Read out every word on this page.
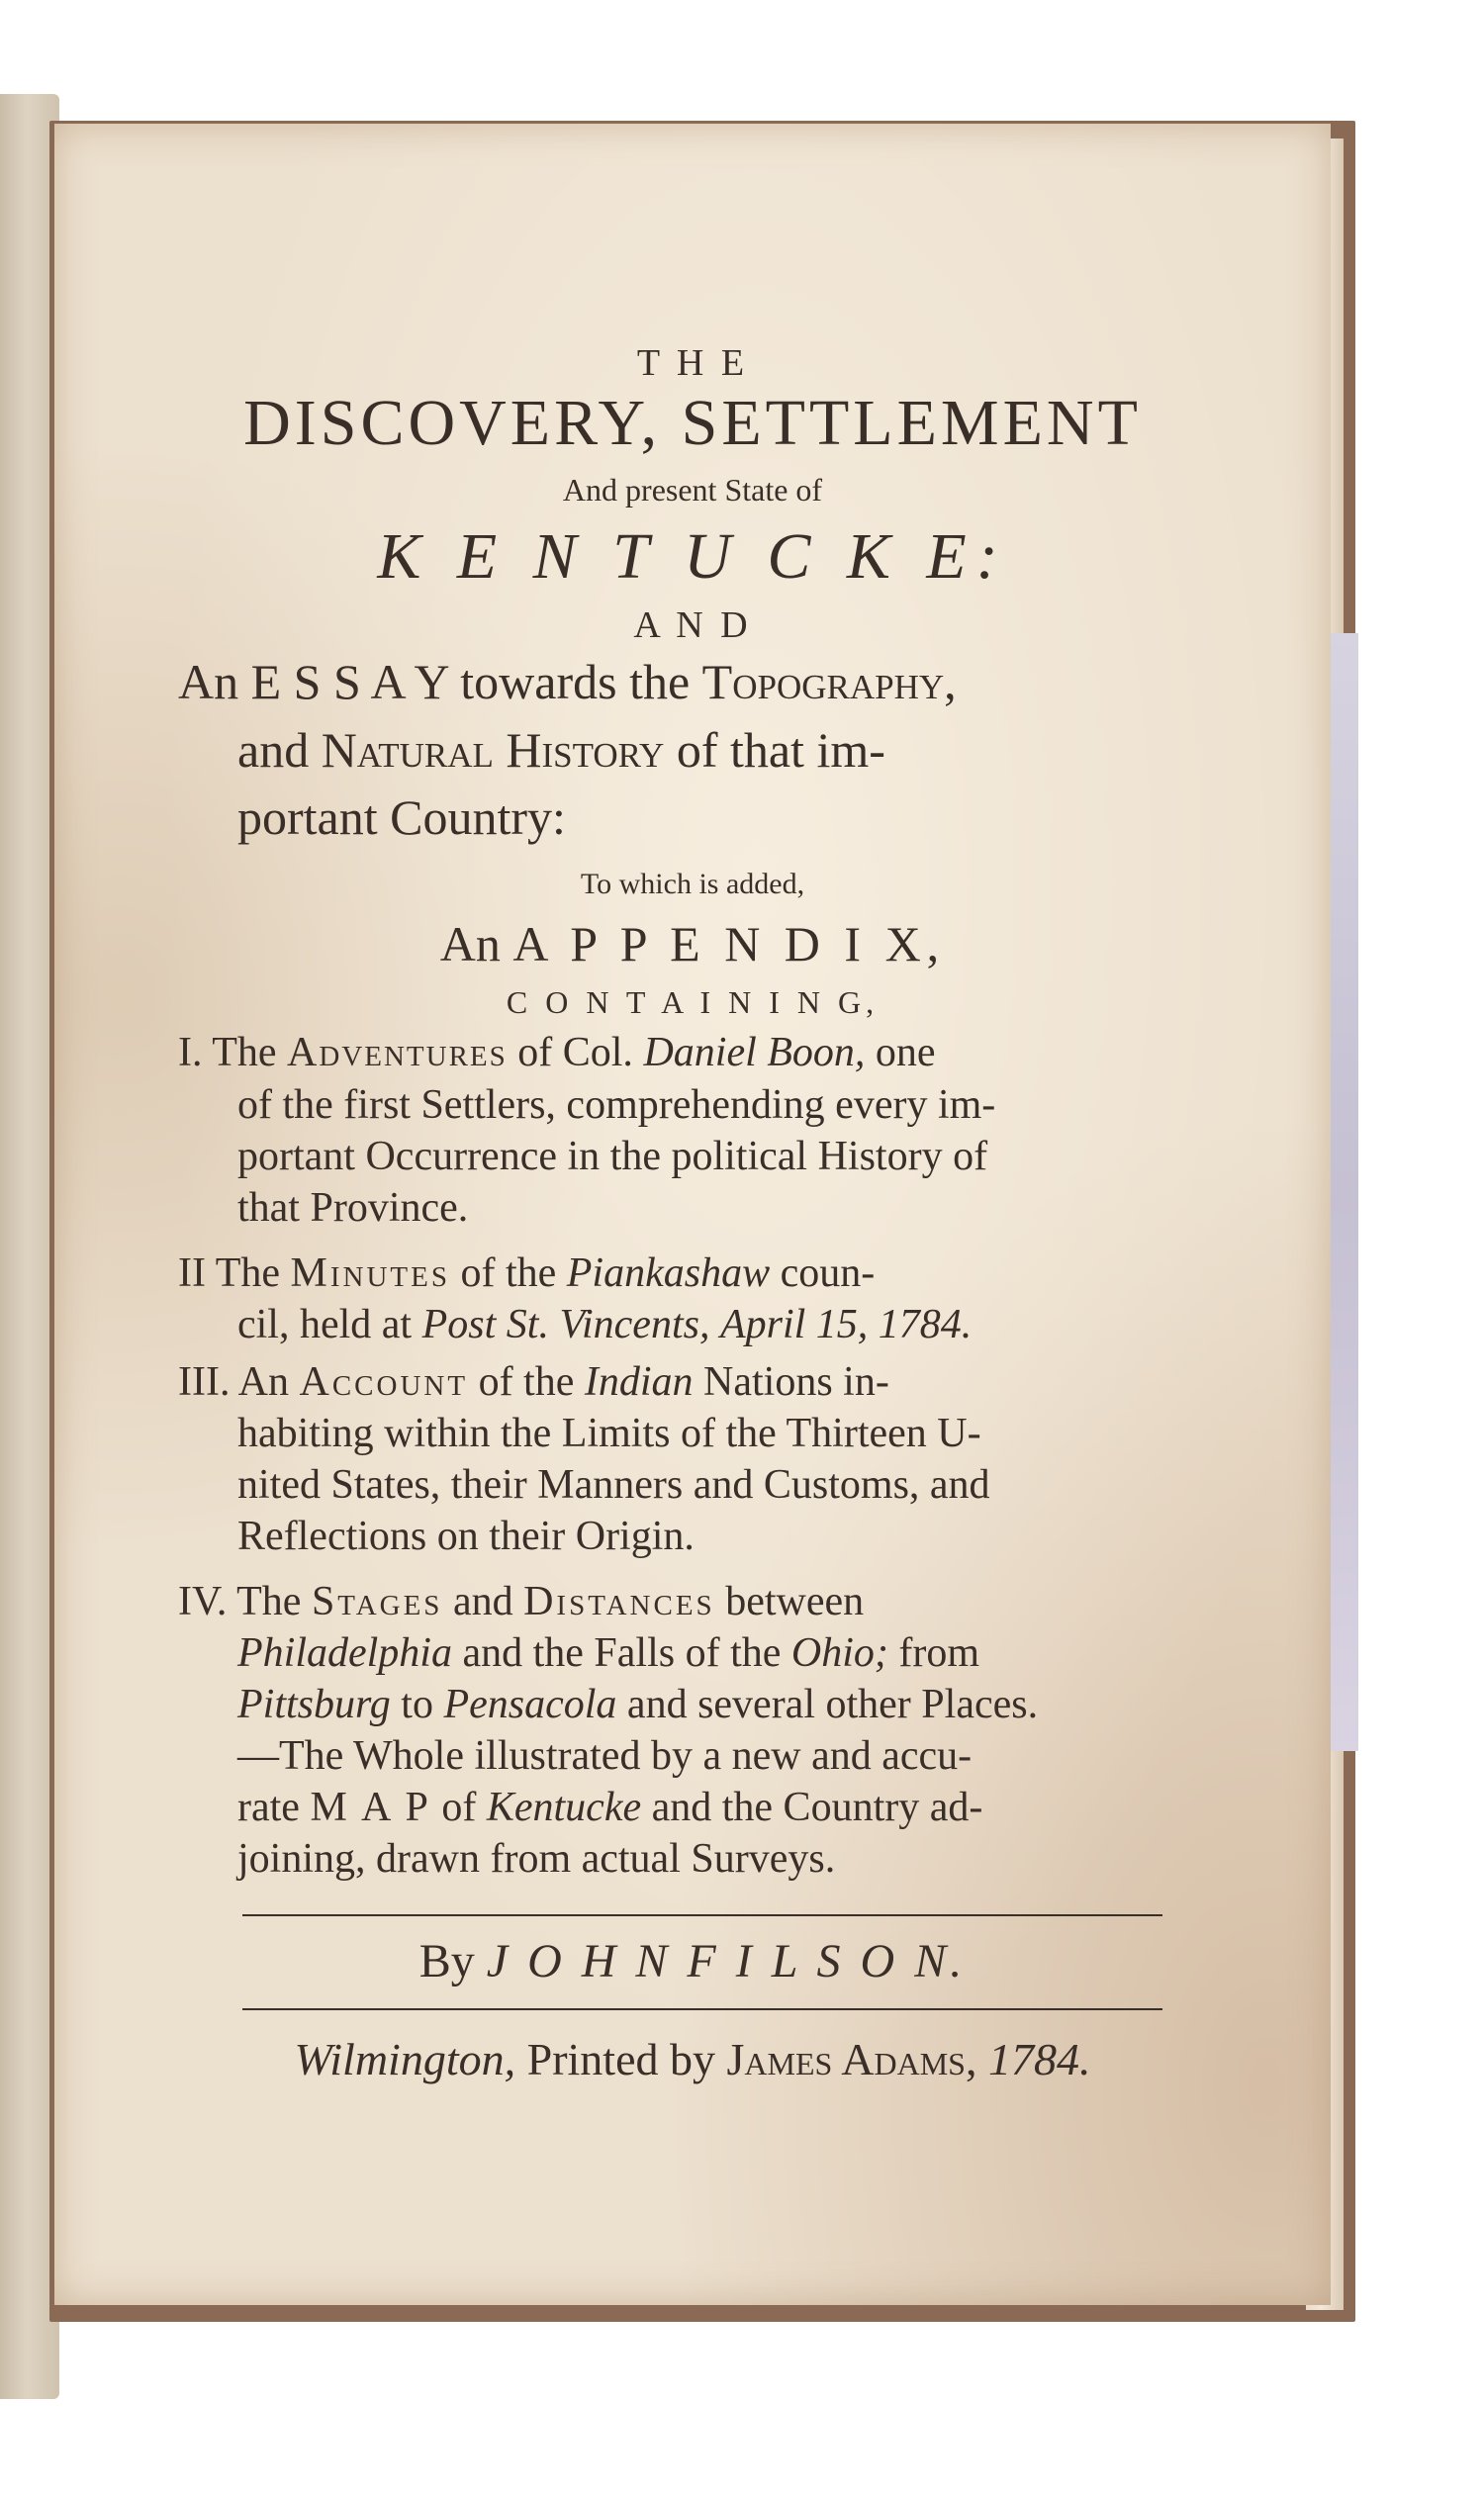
T H E
DISCOVERY, SETTLEMENT
And present State of
K E N T U C K E:
A N D
An E S S A Y towards the Topography,
and Natural History of that im-
portant Country:
To which is added,
An A P P E N D I X,
C O N T A I N I N G,
I. The Adventures of Col. Daniel Boon, one
of the first Settlers, comprehending every im-
portant Occurrence in the political History of
that Province.
II The Minutes of the Piankashaw coun-
cil, held at Post St. Vincents, April 15, 1784.
III. An Account of the Indian Nations in-
habiting within the Limits of the Thirteen U-
nited States, their Manners and Customs, and
Reflections on their Origin.
IV. The Stages and Distances between
Philadelphia and the Falls of the Ohio; from
Pittsburg to Pensacola and several other Places.
—The Whole illustrated by a new and accu-
rate M A P of Kentucke and the Country ad-
joining, drawn from actual Surveys.
By J O H N F I L S O N.
Wilmington, Printed by James Adams, 1784.
